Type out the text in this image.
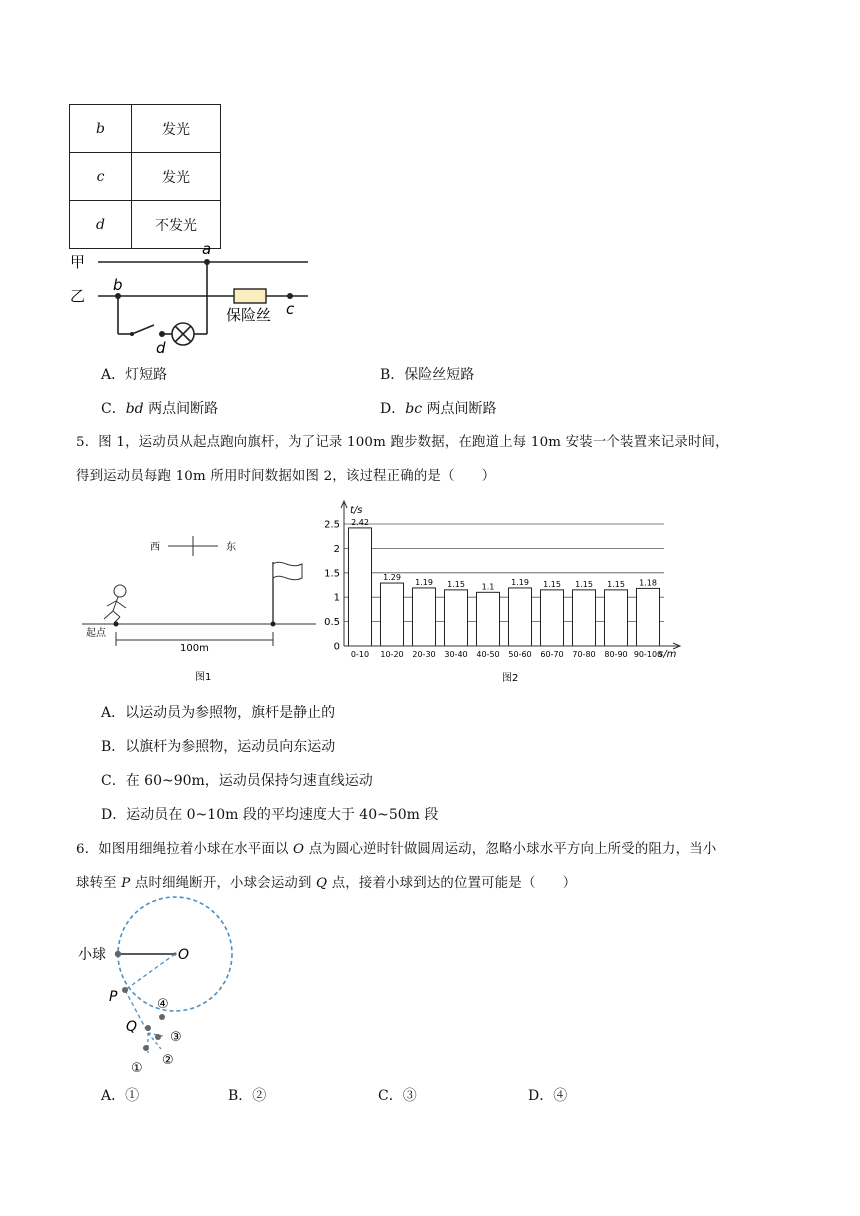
b	发光
c	发光
d	不发光
甲
乙
a
b
c
d
保险丝
A．灯短路	B．保险丝短路
C．bd 两点间断路	D．bc 两点间断路
5．图 1，运动员从起点跑向旗杆，为了记录 100m 跑步数据，在跑道上每 10m 安装一个装置来记录时间，
得到运动员每跑 10m 所用时间数据如图 2，该过程正确的是（　　）
西	东
起点
100m
图1
2.42
1.29
1.19 1.15 1.1 1.19 1.15 1.15 1.15 1.18
0
0.5
1
1.5
2
2.5
0-10 10-20 20-30 30-40 40-50 50-60 60-70 70-80 80-90 90-100
t/s
s/m
图2
A．以运动员为参照物，旗杆是静止的
B．以旗杆为参照物，运动员向东运动
C．在 60~90m，运动员保持匀速直线运动
D．运动员在 0~10m 段的平均速度大于 40~50m 段
6．如图用细绳拉着小球在水平面以 O 点为圆心逆时针做圆周运动，忽略小球水平方向上所受的阻力，当小
球转至 P 点时细绳断开，小球会运动到 Q 点，接着小球到达的位置可能是（　　）
小球	O
P
Q
①
②
③
④
A．①	B．②	C．③	D．④
